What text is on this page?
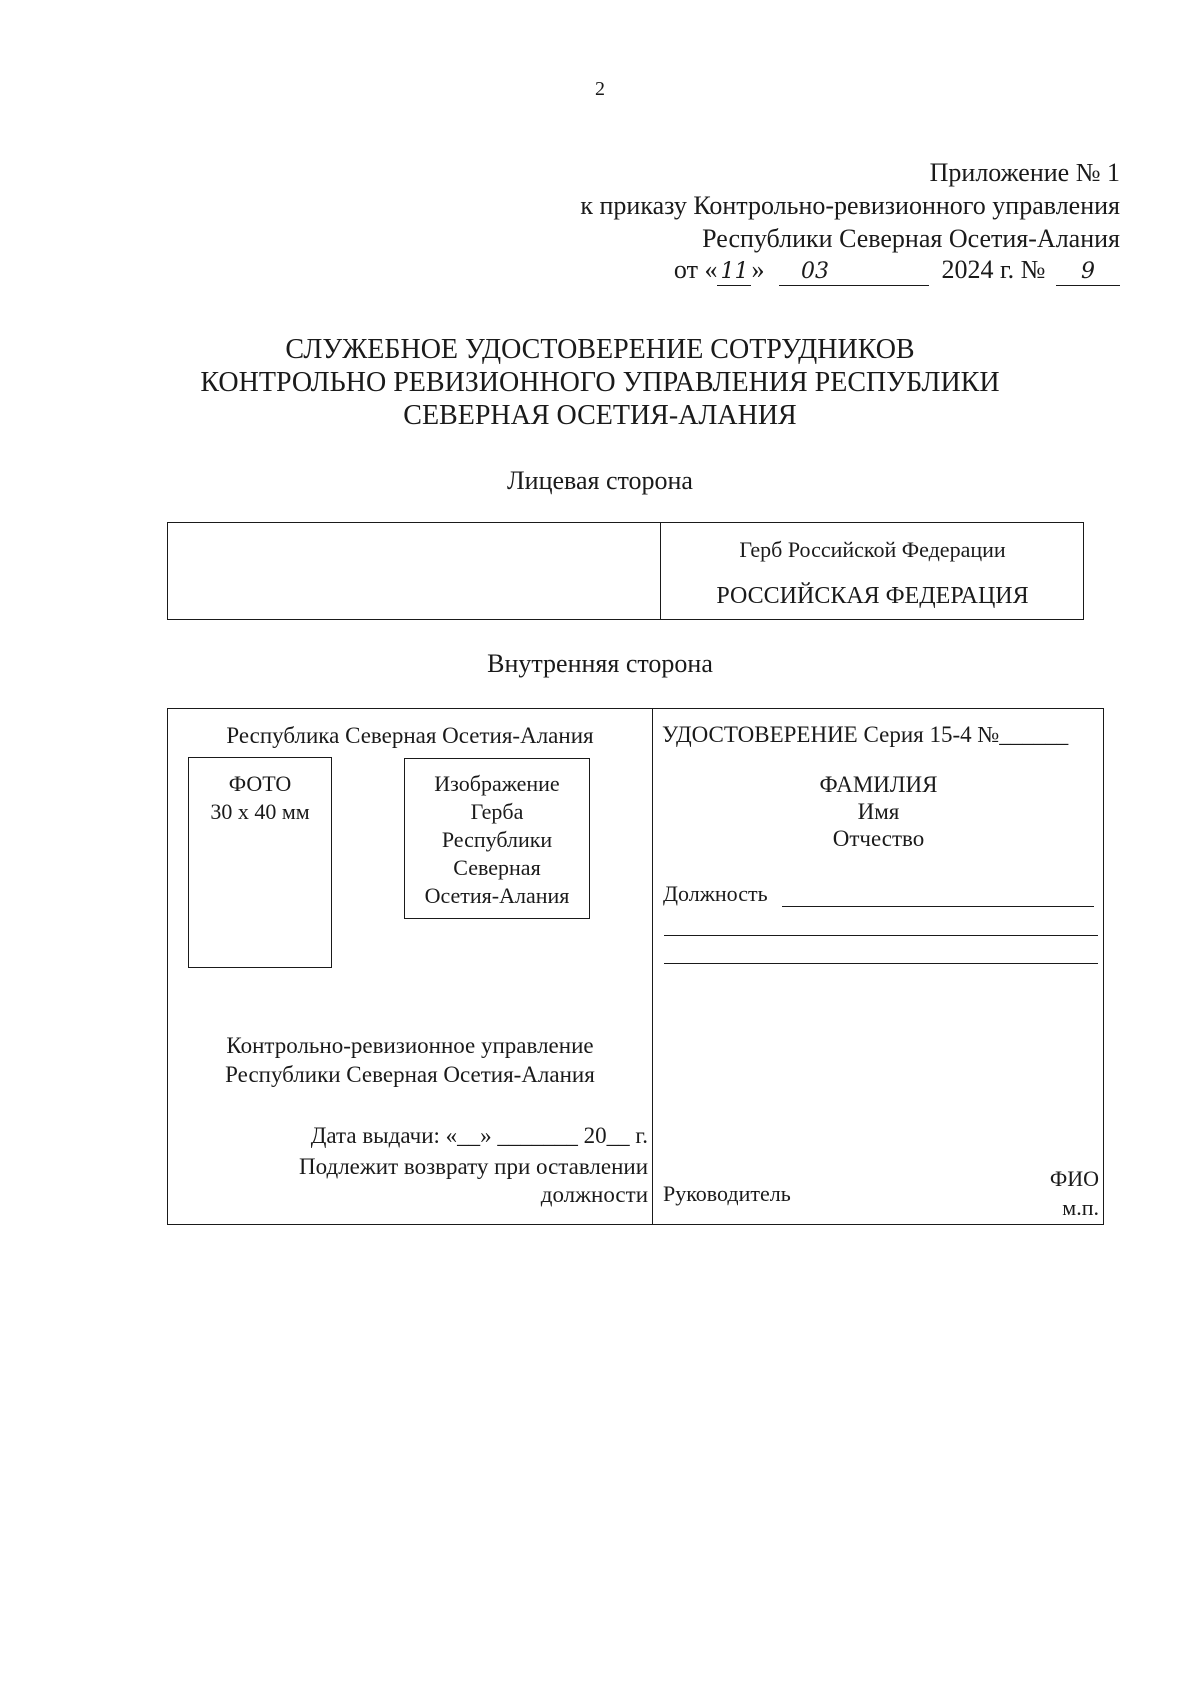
2
Приложение № 1
к приказу Контрольно-ревизионного управления
Республики Северная Осетия-Алания
от « 11 » 03	2024 г. № 9
СЛУЖЕБНОЕ УДОСТОВЕРЕНИЕ СОТРУДНИКОВ
КОНТРОЛЬНО РЕВИЗИОННОГО УПРАВЛЕНИЯ РЕСПУБЛИКИ
СЕВЕРНАЯ ОСЕТИЯ-АЛАНИЯ
Лицевая сторона
Герб Российской Федерации
РОССИЙСКАЯ ФЕДЕРАЦИЯ
Внутренняя сторона
Республика Северная Осетия-Алания
ФОТО
30 х 40 мм
Изображение
Герба
Республики
Северная
Осетия-Алания
Контрольно-ревизионное управление
Республики Северная Осетия-Алания
Дата выдачи: «__» _______ 20__ г.
Подлежит возврату при оставлении
должности
УДОСТОВЕРЕНИЕ Серия 15-4 №______
ФАМИЛИЯ
Имя
Отчество
Должность
Руководитель
ФИО
м.п.
